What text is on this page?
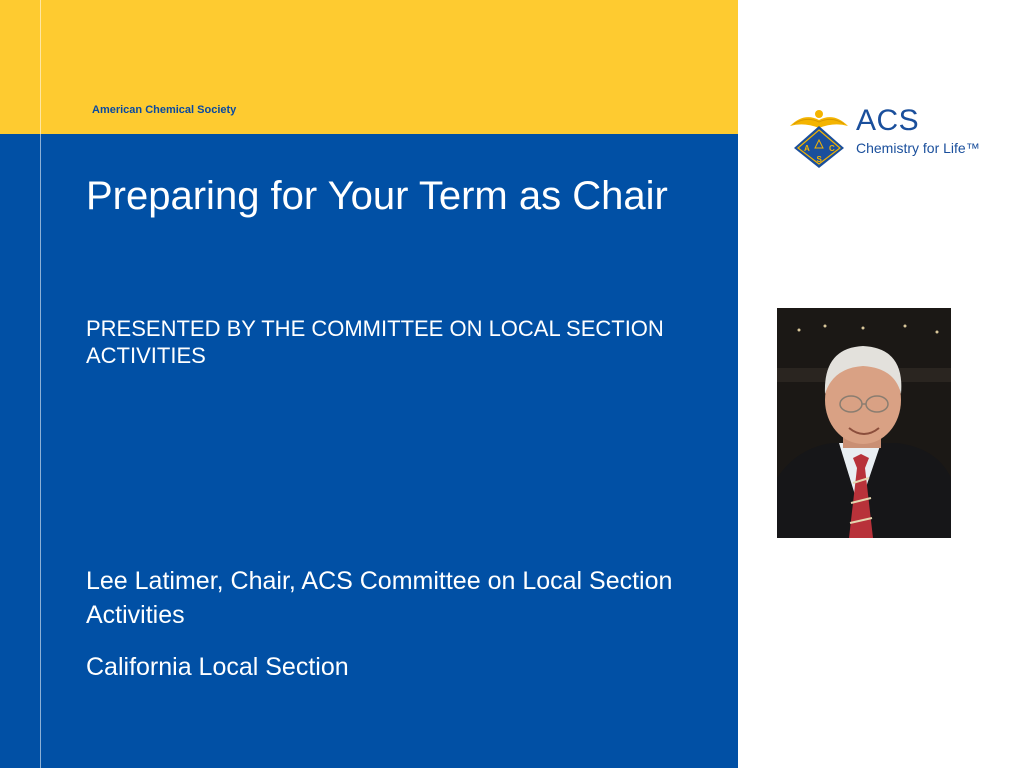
American Chemical Society
Preparing for Your Term as Chair
PRESENTED BY THE COMMITTEE ON LOCAL SECTION ACTIVITIES
Lee Latimer, Chair, ACS Committee on Local Section Activities
California Local Section
A C
S
ACS
Chemistry for Life™
